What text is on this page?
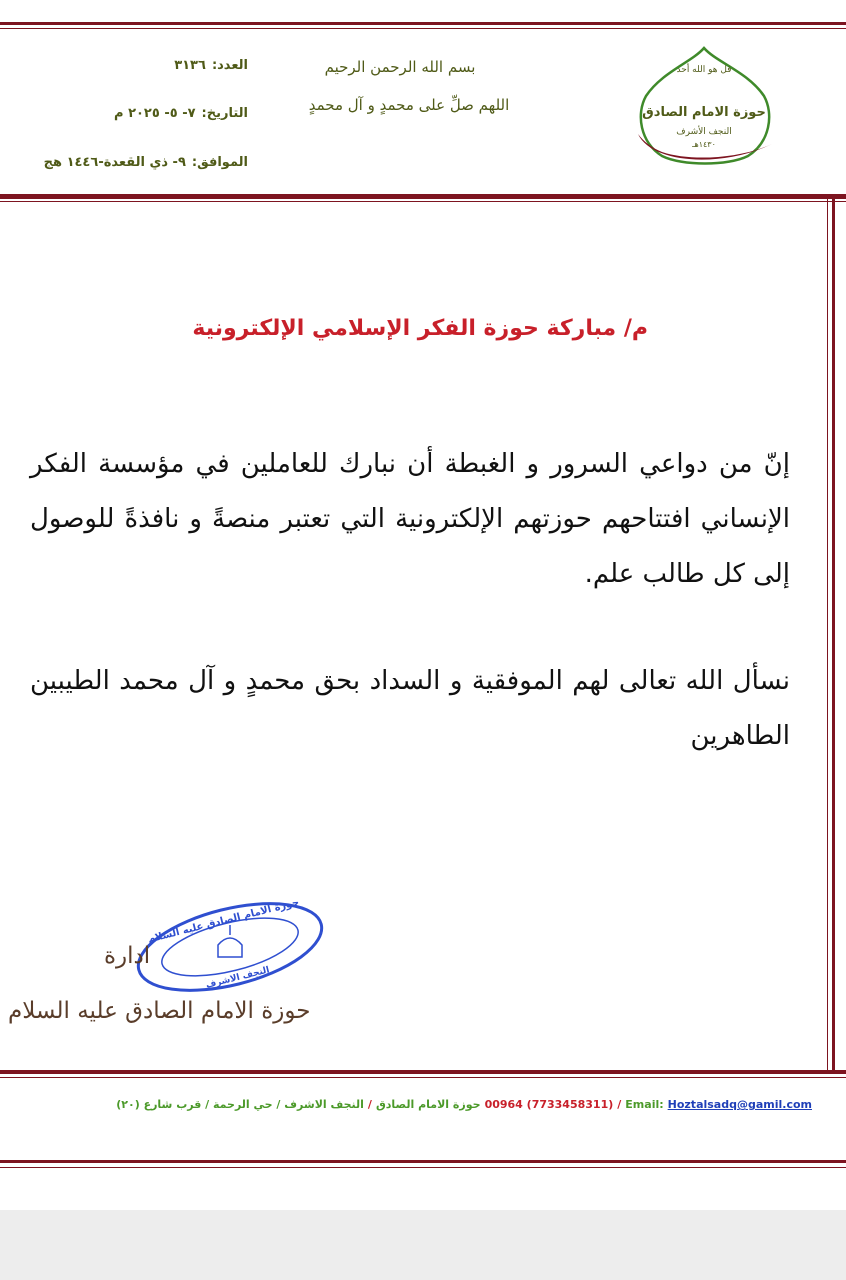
بسم الله الرحمن الرحيم
اللهم صلِّ على محمدٍ و آل محمدٍ
العدد:٣١٣٦
التاريخ:٧- ٥- ٢٠٢٥ م
الموافق:٩- ذي القعدة-١٤٤٦ هج
قل هو الله أحد
حوزة الامام الصادق
النجف الأشرف
١٤٣٠هـ
م/ مباركة حوزة الفكر الإسلامي الإلكترونية
إنّ من دواعي السرور و الغبطة أن نبارك للعاملين في مؤسسة الفكر الإنساني افتتاحهم حوزتهم الإلكترونية التي تعتبر منصةً و نافذةً للوصول إلى كل طالب علم.
نسأل الله تعالى لهم الموفقية و السداد بحق محمدٍ و آل محمد الطيبين الطاهرين
حوزة الامام الصادق عليه السلام
النجف الاشرف
ادارة
حوزة الامام الصادق عليه السلام
Hoztalsadq@gamil.com
Email:
/
00964 (7733458311)
حوزة الامام الصادق
/
النجف الاشرف / حي الرحمة / قرب شارع (٢٠)
